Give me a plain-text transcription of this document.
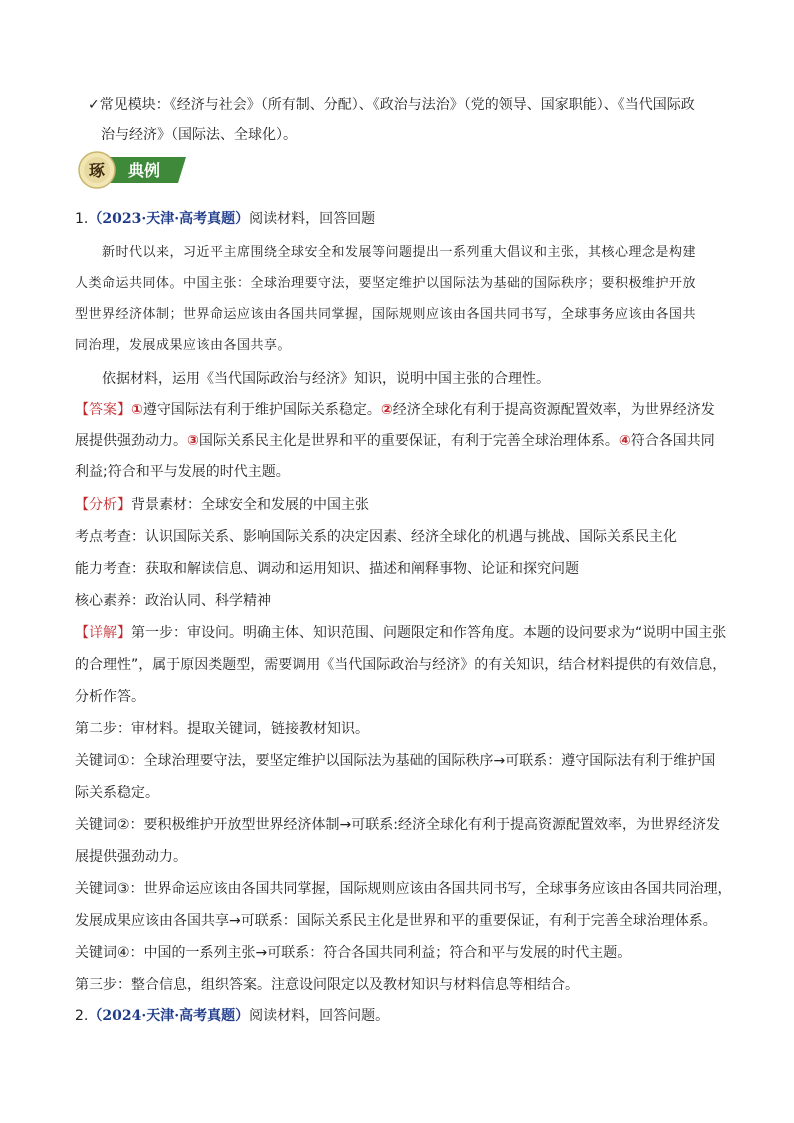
✓常见模块：《经济与社会》（所有制、分配）、《政治与法治》（党的领导、国家职能）、《当代国际政
治与经济》（国际法、全球化）。
琢 典例
1.（2023·天津·高考真题）阅读材料，回答回题
新时代以来，习近平主席围绕全球安全和发展等问题提出一系列重大倡议和主张，其核心理念是构建
人类命运共同体。中国主张：全球治理要守法，要坚定维护以国际法为基础的国际秩序；要积极维护开放
型世界经济体制；世界命运应该由各国共同掌握，国际规则应该由各国共同书写，全球事务应该由各国共
同治理，发展成果应该由各国共享。
依据材料，运用《当代国际政治与经济》知识，说明中国主张的合理性。
【答案】①遵守国际法有利于维护国际关系稳定。②经济全球化有利于提高资源配置效率，为世界经济发
展提供强劲动力。③国际关系民主化是世界和平的重要保证，有利于完善全球治理体系。④符合各国共同
利益;符合和平与发展的时代主题。
【分析】背景素材：全球安全和发展的中国主张
考点考查：认识国际关系、影响国际关系的决定因素、经济全球化的机遇与挑战、国际关系民主化
能力考查：获取和解读信息、调动和运用知识、描述和阐释事物、论证和探究问题
核心素养：政治认同、科学精神
【详解】第一步：审设问。明确主体、知识范围、问题限定和作答角度。本题的设问要求为“说明中国主张
的合理性”，属于原因类题型，需要调用《当代国际政治与经济》的有关知识，结合材料提供的有效信息，
分析作答。
第二步：审材料。提取关键词，链接教材知识。
关键词①：全球治理要守法，要坚定维护以国际法为基础的国际秩序→可联系：遵守国际法有利于维护国
际关系稳定。
关键词②：要积极维护开放型世界经济体制→可联系:经济全球化有利于提高资源配置效率，为世界经济发
展提供强劲动力。
关键词③：世界命运应该由各国共同掌握，国际规则应该由各国共同书写，全球事务应该由各国共同治理，
发展成果应该由各国共享→可联系：国际关系民主化是世界和平的重要保证，有利于完善全球治理体系。
关键词④：中国的一系列主张→可联系：符合各国共同利益；符合和平与发展的时代主题。
第三步：整合信息，组织答案。注意设问限定以及教材知识与材料信息等相结合。
2.（2024·天津·高考真题）阅读材料，回答问题。
